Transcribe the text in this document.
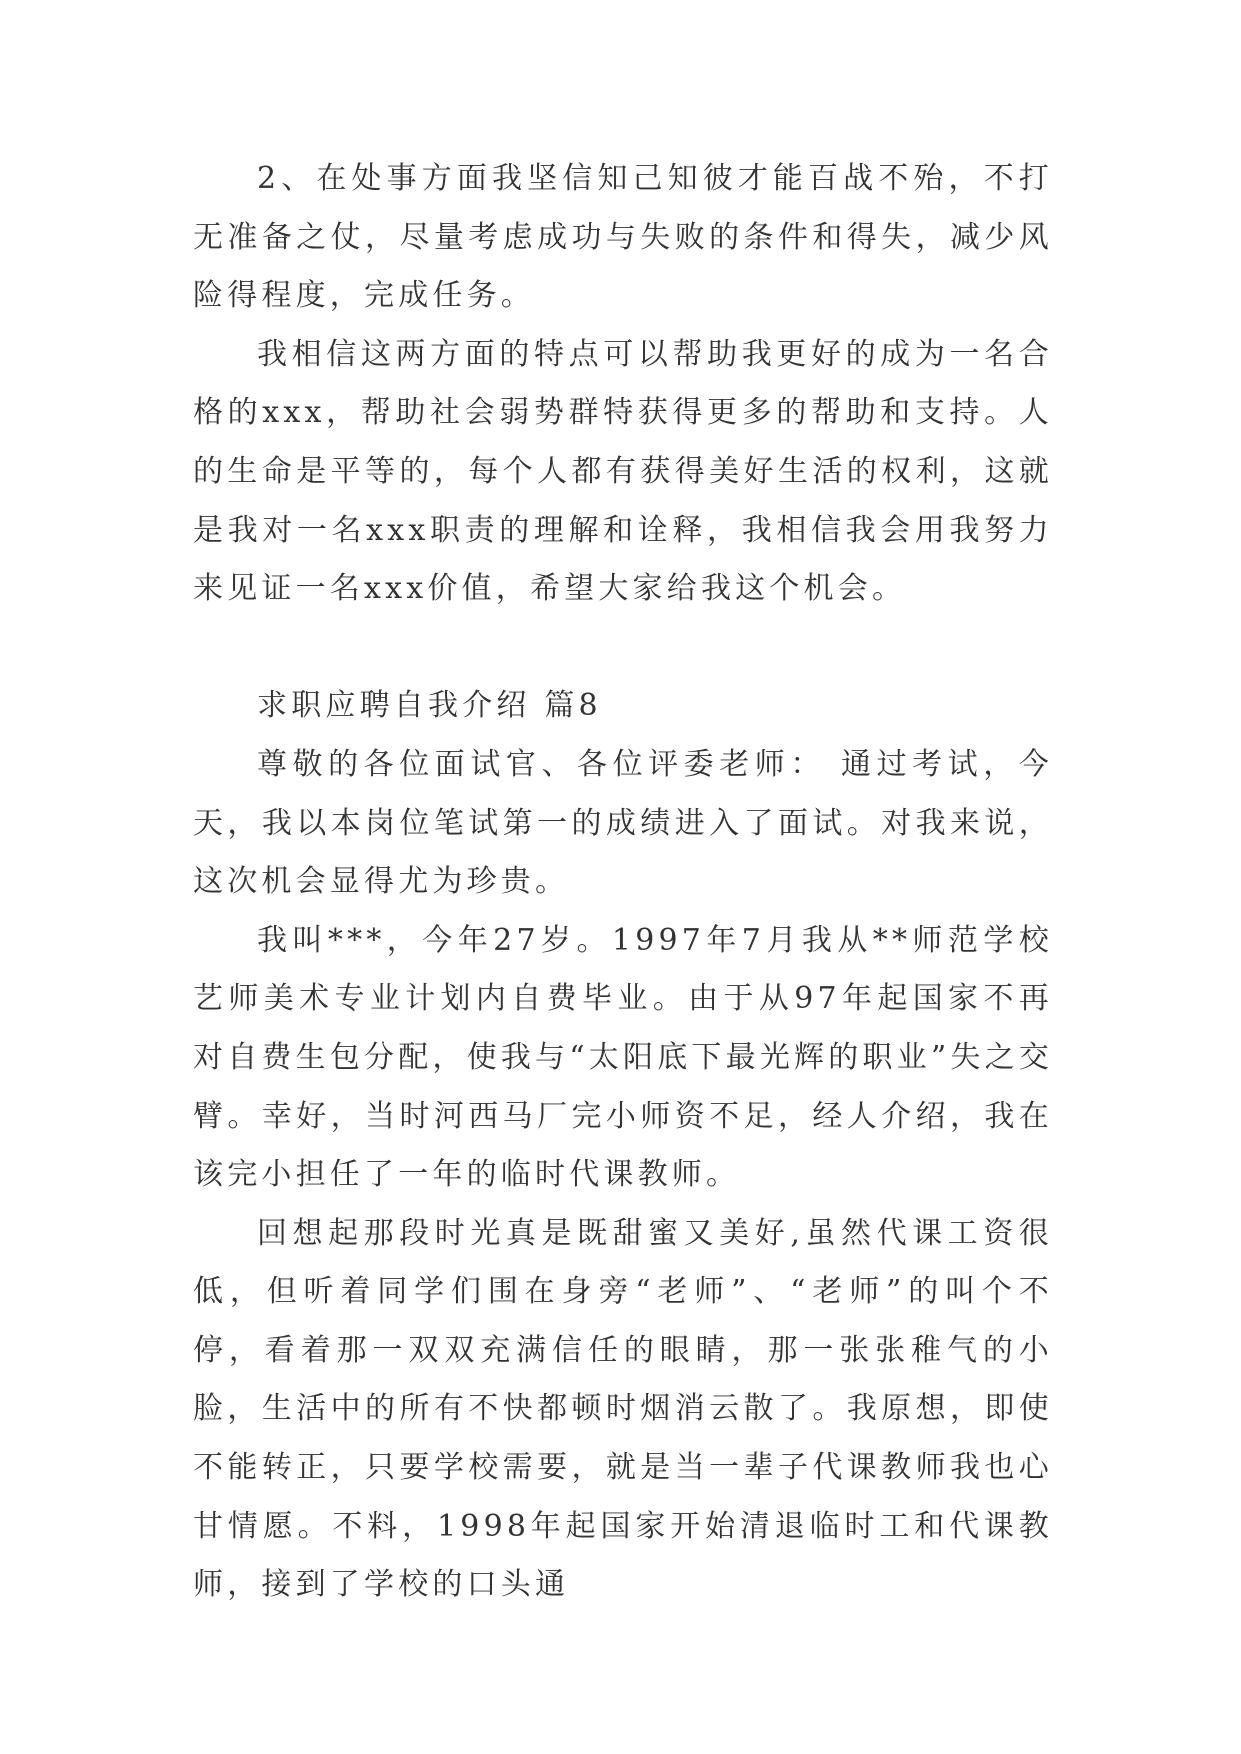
2、在处事方面我坚信知己知彼才能百战不殆，不打无准备之仗，尽量考虑成功与失败的条件和得失，减少风险得程度，完成任务。

我相信这两方面的特点可以帮助我更好的成为一名合格的xxx，帮助社会弱势群特获得更多的帮助和支持。人的生命是平等的，每个人都有获得美好生活的权利，这就是我对一名xxx职责的理解和诠释，我相信我会用我努力来见证一名xxx价值，希望大家给我这个机会。

求职应聘自我介绍 篇8

尊敬的各位面试官、各位评委老师： 通过考试，今天，我以本岗位笔试第一的成绩进入了面试。对我来说，这次机会显得尤为珍贵。

我叫***，今年27岁。1997年7月我从**师范学校艺师美术专业计划内自费毕业。由于从97年起国家不再对自费生包分配，使我与“太阳底下最光辉的职业”失之交臂。幸好，当时河西马厂完小师资不足，经人介绍，我在该完小担任了一年的临时代课教师。

回想起那段时光真是既甜蜜又美好,虽然代课工资很低，但听着同学们围在身旁“老师”、“老师”的叫个不停，看着那一双双充满信任的眼睛，那一张张稚气的小脸，生活中的所有不快都顿时烟消云散了。我原想，即使不能转正，只要学校需要，就是当一辈子代课教师我也心甘情愿。不料，1998年起国家开始清退临时工和代课教师，接到了学校的口头通
